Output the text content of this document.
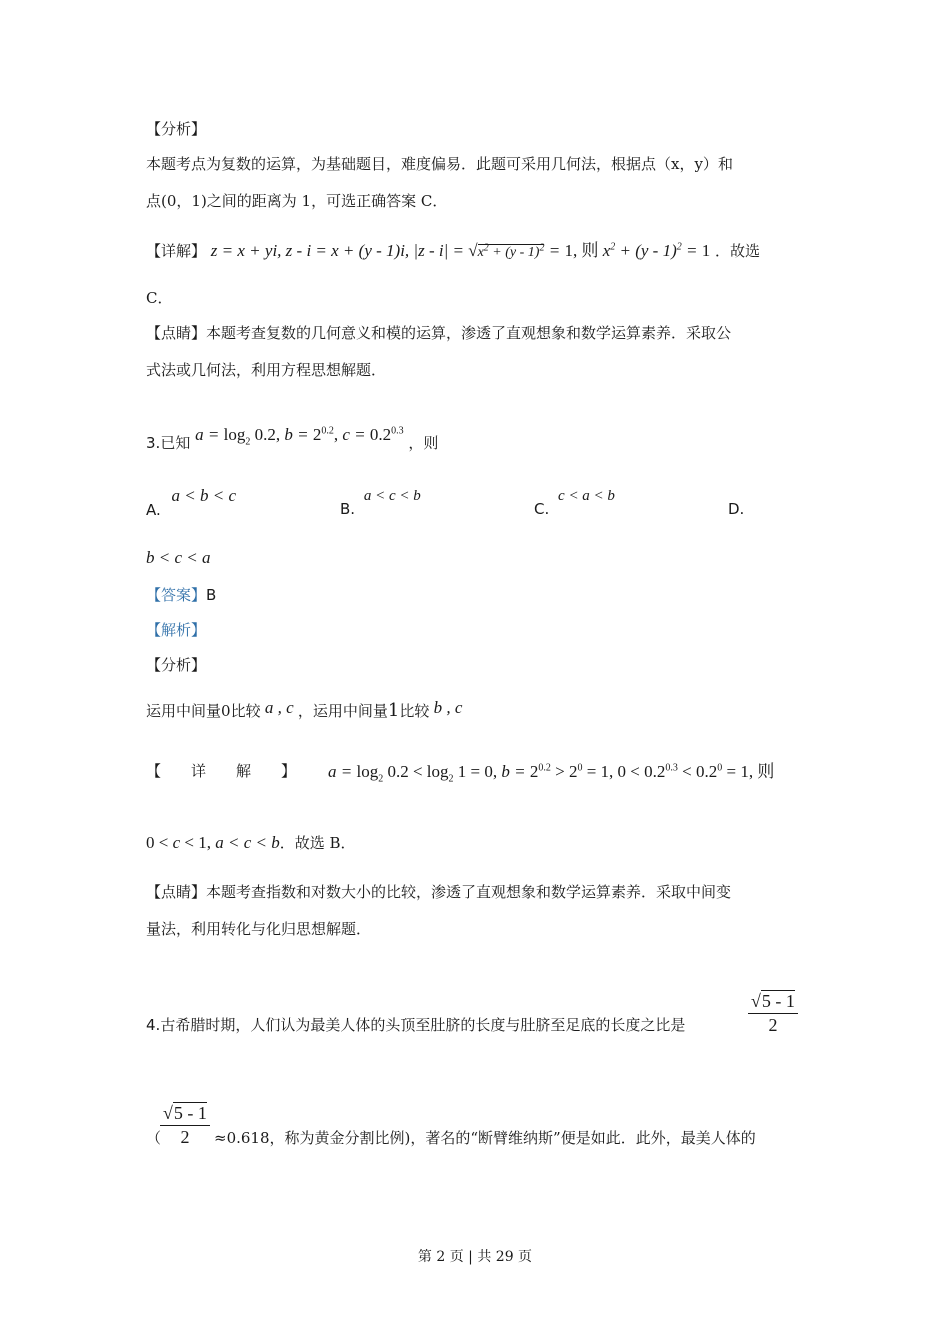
【分析】
本题考点为复数的运算，为基础题目，难度偏易．此题可采用几何法，根据点（x，y）和
点(0，1)之间的距离为 1，可选正确答案 C．
【详解】 z = x + yi, z - i = x + (y - 1)i, $|z - i| = √x^2 + (y - 1)^2 = 1$, 则 $x^2 + (y - 1)^2 = 1$ ．故选
C．
【点睛】本题考查复数的几何意义和模的运算，渗透了直观想象和数学运算素养．采取公
式法或几何法，利用方程思想解题．
3.已知 $a = \log_2 0.2$, $b = 2^{0.2}$, $c = 0.2^{0.3}$ ，则
A. a < b < c
B. a < c < b
C. c < a < b
D.
b < c < a
【答案】B
【解析】
【分析】
运用中间量0比较 a , c ，运用中间量1比较 b , c
【详解】 $a = \log_2 0.2 < \log_2 1 = 0$, $b = 2^{0.2} > 2^0 = 1$, $0 < 0.2^{0.3} < 0.2^0 = 1$, 则
0 < c < 1, a < c < b．故选 B．
【点睛】本题考查指数和对数大小的比较，渗透了直观想象和数学运算素养．采取中间变
量法，利用转化与化归思想解题．
4.古希腊时期，人们认为最美人体的头顶至肚脐的长度与肚脐至足底的长度之比是	$\frac{√5 - 1}{2}$
（
$\frac{√5 - 1}{2} \approx 0.618$，称为黄金分割比例)，著名的“断臂维纳斯”便是如此．此外，最美人体的
第 2 页 | 共 29 页
